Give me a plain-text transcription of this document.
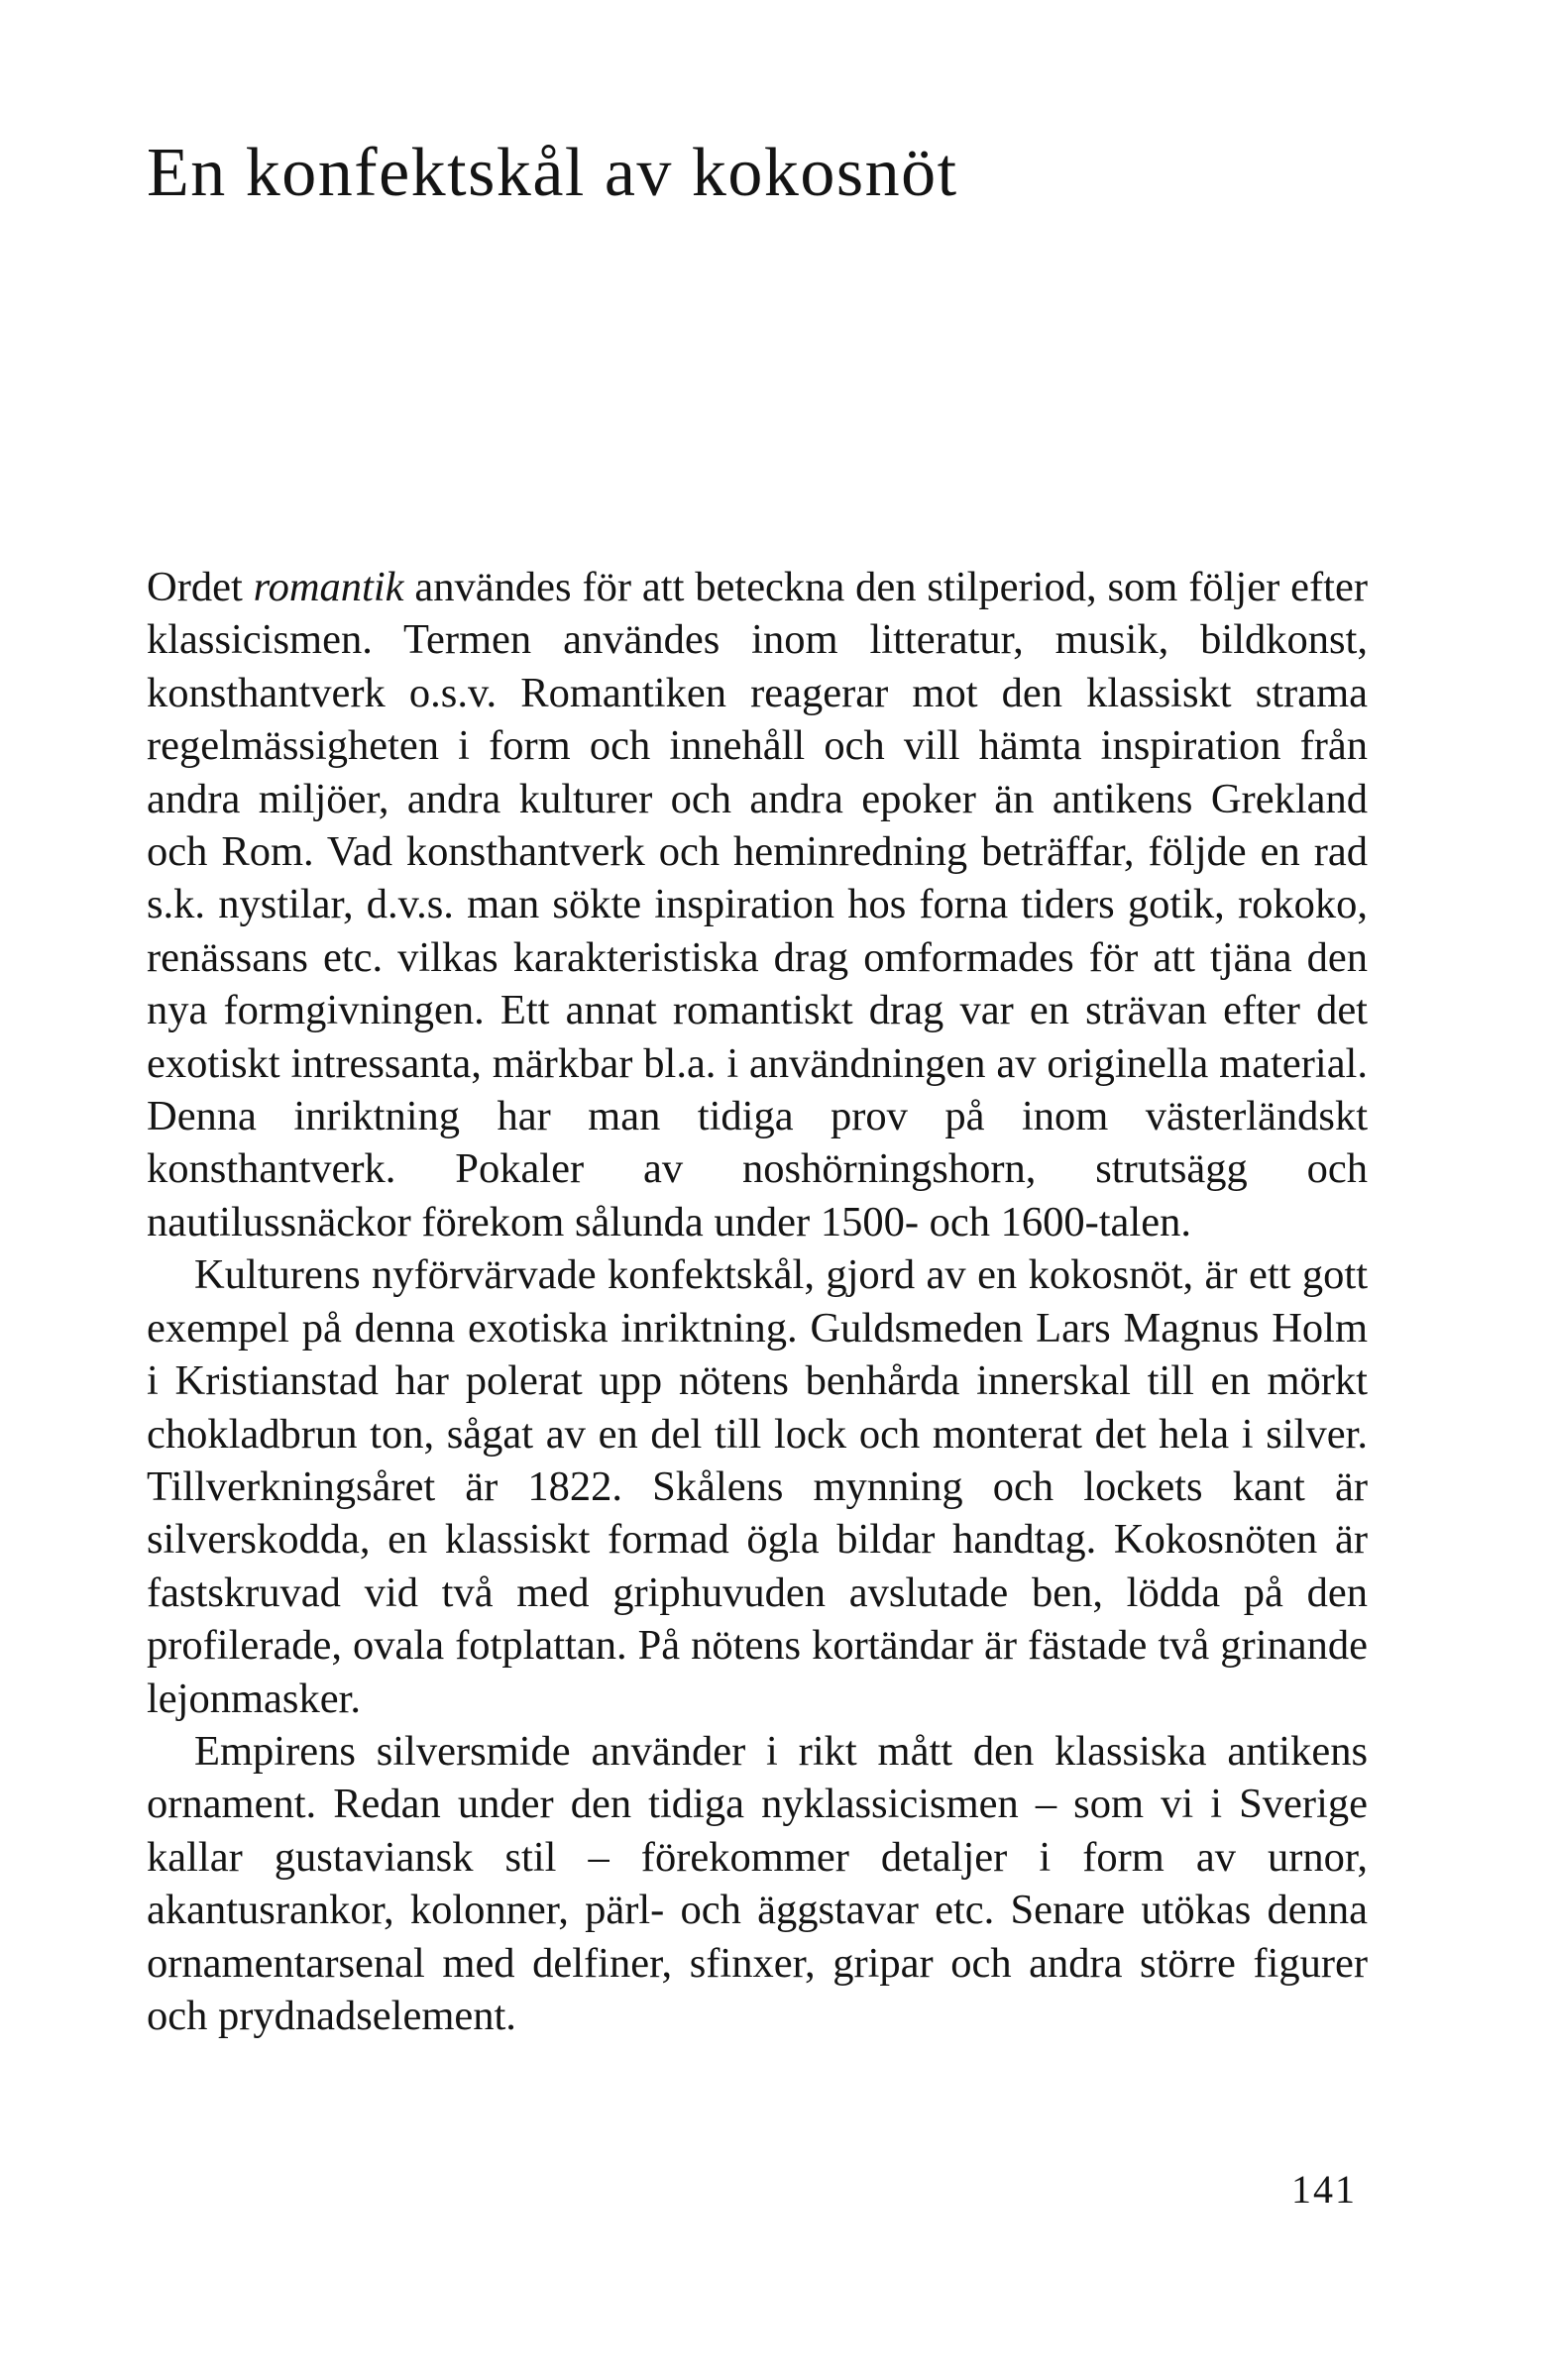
En konfektskål av kokosnöt

Ordet romantik användes för att beteckna den stilperiod, som följer efter klassicismen. Termen användes inom litteratur, musik, bildkonst, konsthantverk o.s.v. Romantiken reagerar mot den klassiskt strama regelmässigheten i form och innehåll och vill hämta inspiration från andra miljöer, andra kulturer och andra epoker än antikens Grekland och Rom. Vad konsthantverk och heminredning beträffar, följde en rad s.k. nystilar, d.v.s. man sökte inspiration hos forna tiders gotik, rokoko, renässans etc. vilkas karakteristiska drag omformades för att tjäna den nya formgivningen. Ett annat romantiskt drag var en strävan efter det exotiskt intressanta, märkbar bl.a. i användningen av originella material. Denna inriktning har man tidiga prov på inom västerländskt konsthantverk. Pokaler av noshörningshorn, strutsägg och nautilussnäckor förekom sålunda under 1500- och 1600-talen.

Kulturens nyförvärvade konfektskål, gjord av en kokosnöt, är ett gott exempel på denna exotiska inriktning. Guldsmeden Lars Magnus Holm i Kristianstad har polerat upp nötens benhårda innerskal till en mörkt chokladbrun ton, sågat av en del till lock och monterat det hela i silver. Tillverkningsåret är 1822. Skålens mynning och lockets kant är silverskodda, en klassiskt formad ögla bildar handtag. Kokosnöten är fastskruvad vid två med griphuvuden avslutade ben, lödda på den profilerade, ovala fotplattan. På nötens kortändar är fästade två grinande lejonmasker.

Empirens silversmide använder i rikt mått den klassiska antikens ornament. Redan under den tidiga nyklassicismen – som vi i Sverige kallar gustaviansk stil – förekommer detaljer i form av urnor, akantusrankor, kolonner, pärl- och äggstavar etc. Senare utökas denna ornamentarsenal med delfiner, sfinxer, gripar och andra större figurer och prydnadselement.

141
